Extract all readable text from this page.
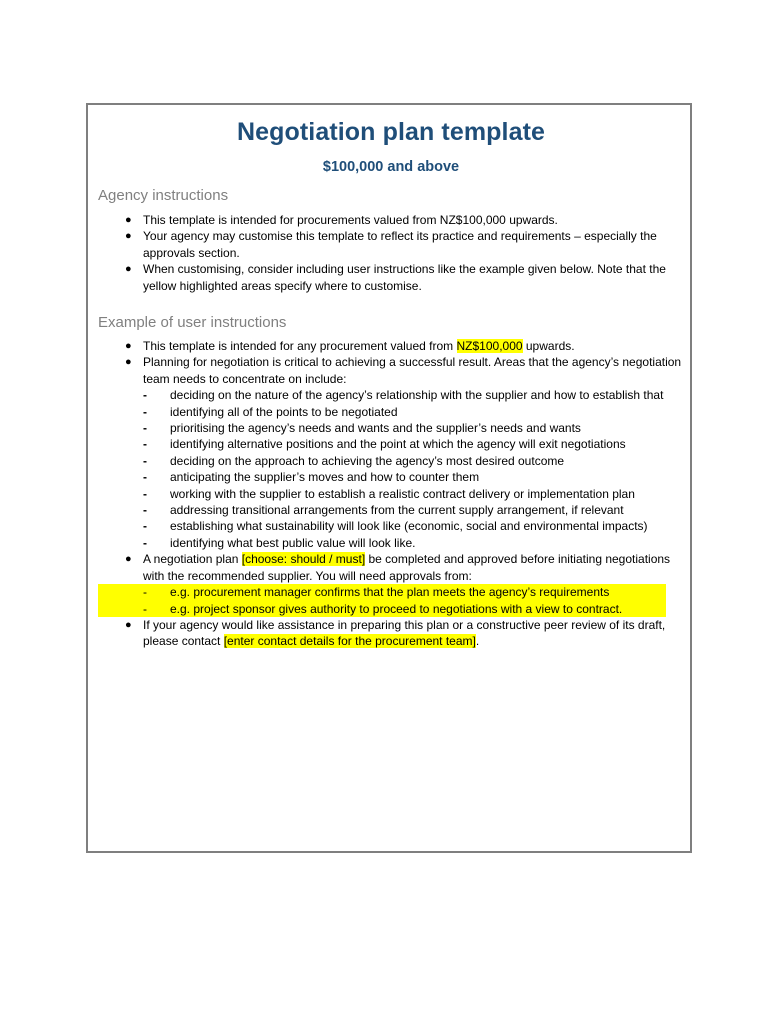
Negotiation plan template
$100,000 and above
Agency instructions
● This template is intended for procurements valued from NZ$100,000 upwards.
● Your agency may customise this template to reflect its practice and requirements – especially the approvals section.
● When customising, consider including user instructions like the example given below. Note that the yellow highlighted areas specify where to customise.
Example of user instructions
● This template is intended for any procurement valued from NZ$100,000 upwards.
● Planning for negotiation is critical to achieving a successful result. Areas that the agency’s negotiation team needs to concentrate on include:
- deciding on the nature of the agency’s relationship with the supplier and how to establish that
- identifying all of the points to be negotiated
- prioritising the agency’s needs and wants and the supplier’s needs and wants
- identifying alternative positions and the point at which the agency will exit negotiations
- deciding on the approach to achieving the agency’s most desired outcome
- anticipating the supplier’s moves and how to counter them
- working with the supplier to establish a realistic contract delivery or implementation plan
- addressing transitional arrangements from the current supply arrangement, if relevant
- establishing what sustainability will look like (economic, social and environmental impacts)
- identifying what best public value will look like.
● A negotiation plan [choose: should / must] be completed and approved before initiating negotiations with the recommended supplier. You will need approvals from:
- e.g. procurement manager confirms that the plan meets the agency’s requirements
- e.g. project sponsor gives authority to proceed to negotiations with a view to contract.
● If your agency would like assistance in preparing this plan or a constructive peer review of its draft, please contact [enter contact details for the procurement team].
